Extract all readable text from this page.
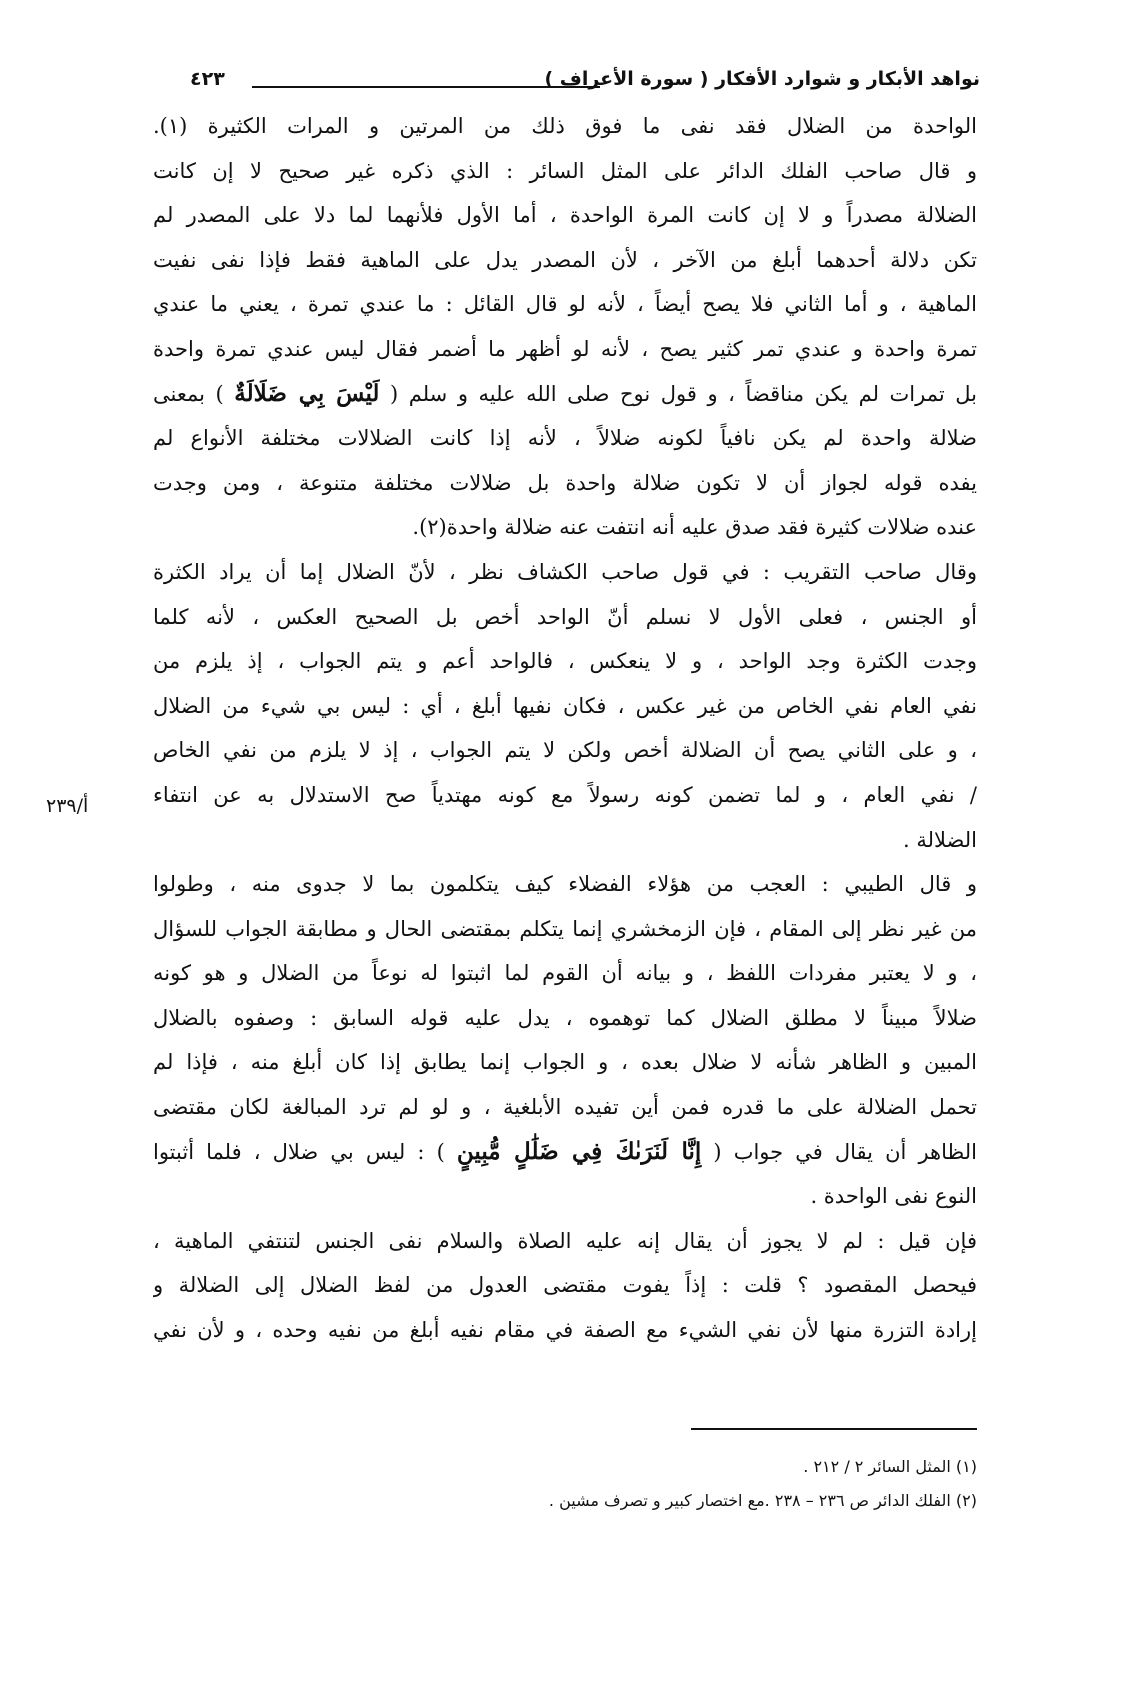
نواهد الأبكار و شوارد الأفكار ( سورة الأعراف )
٤٢٣
أ/٢٣٩
الواحدة من الضلال فقد نفى ما فوق ذلك من المرتين و المرات الكثيرة (١).
و قال صاحب الفلك الدائر على المثل السائر : الذي ذكره غير صحيح لا إن كانت
الضلالة مصدراً و لا إن كانت المرة الواحدة ، أما الأول فلأنهما لما دلا على المصدر لم
تكن دلالة أحدهما أبلغ من الآخر ، لأن المصدر يدل على الماهية فقط فإذا نفى نفيت
الماهية ، و أما الثاني فلا يصح أيضاً ، لأنه لو قال القائل : ما عندي تمرة ، يعني ما عندي
تمرة واحدة و عندي تمر كثير يصح ، لأنه لو أظهر ما أضمر فقال ليس عندي تمرة واحدة
بل تمرات لم يكن مناقضاً ، و قول نوح صلى الله عليه و سلم ( لَيْسَ بِي ضَلَالَةٌ ) بمعنى
ضلالة واحدة لم يكن نافياً لكونه ضلالاً ، لأنه إذا كانت الضلالات مختلفة الأنواع لم
يفده قوله لجواز أن لا تكون ضلالة واحدة بل ضلالات مختلفة متنوعة ، ومن وجدت
عنده ضلالات كثيرة فقد صدق عليه أنه انتفت عنه ضلالة واحدة(٢).
وقال صاحب التقريب : في قول صاحب الكشاف نظر ، لأنّ الضلال إما أن يراد الكثرة
أو الجنس ، فعلى الأول لا نسلم أنّ الواحد أخص بل الصحيح العكس ، لأنه كلما
وجدت الكثرة وجد الواحد ، و لا ينعكس ، فالواحد أعم و يتم الجواب ، إذ يلزم من
نفي العام نفي الخاص من غير عكس ، فكان نفيها أبلغ ، أي : ليس بي شيء من الضلال
، و على الثاني يصح أن الضلالة أخص ولكن لا يتم الجواب ، إذ لا يلزم من نفي الخاص
/ نفي العام ، و لما تضمن كونه رسولاً مع كونه مهتدياً صح الاستدلال به عن انتفاء
الضلالة .
و قال الطيبي : العجب من هؤلاء الفضلاء كيف يتكلمون بما لا جدوى منه ، وطولوا
من غير نظر إلى المقام ، فإن الزمخشري إنما يتكلم بمقتضى الحال و مطابقة الجواب للسؤال
، و لا يعتبر مفردات اللفظ ، و بيانه أن القوم لما اثبتوا له نوعاً من الضلال و هو كونه
ضلالاً مبيناً لا مطلق الضلال كما توهموه ، يدل عليه قوله السابق : وصفوه بالضلال
المبين و الظاهر شأنه لا ضلال بعده ، و الجواب إنما يطابق إذا كان أبلغ منه ، فإذا لم
تحمل الضلالة على ما قدره فمن أين تفيده الأبلغية ، و لو لم ترد المبالغة لكان مقتضى
الظاهر أن يقال في جواب ( إِنَّا لَنَرَىٰكَ فِي ضَلَٰلٍ مُّبِينٍ ) : ليس بي ضلال ، فلما أثبتوا
النوع نفى الواحدة .
فإن قيل : لم لا يجوز أن يقال إنه عليه الصلاة والسلام نفى الجنس لتنتفي الماهية ،
فيحصل المقصود ؟ قلت : إذاً يفوت مقتضى العدول من لفظ الضلال إلى الضلالة و
إرادة التزرة منها لأن نفي الشيء مع الصفة في مقام نفيه أبلغ من نفيه وحده ، و لأن نفي
(١) المثل السائر ٢ / ٢١٢ .
(٢) الفلك الدائر ص ٢٣٦ – ٢٣٨ .مع اختصار كبير و تصرف مشين .
